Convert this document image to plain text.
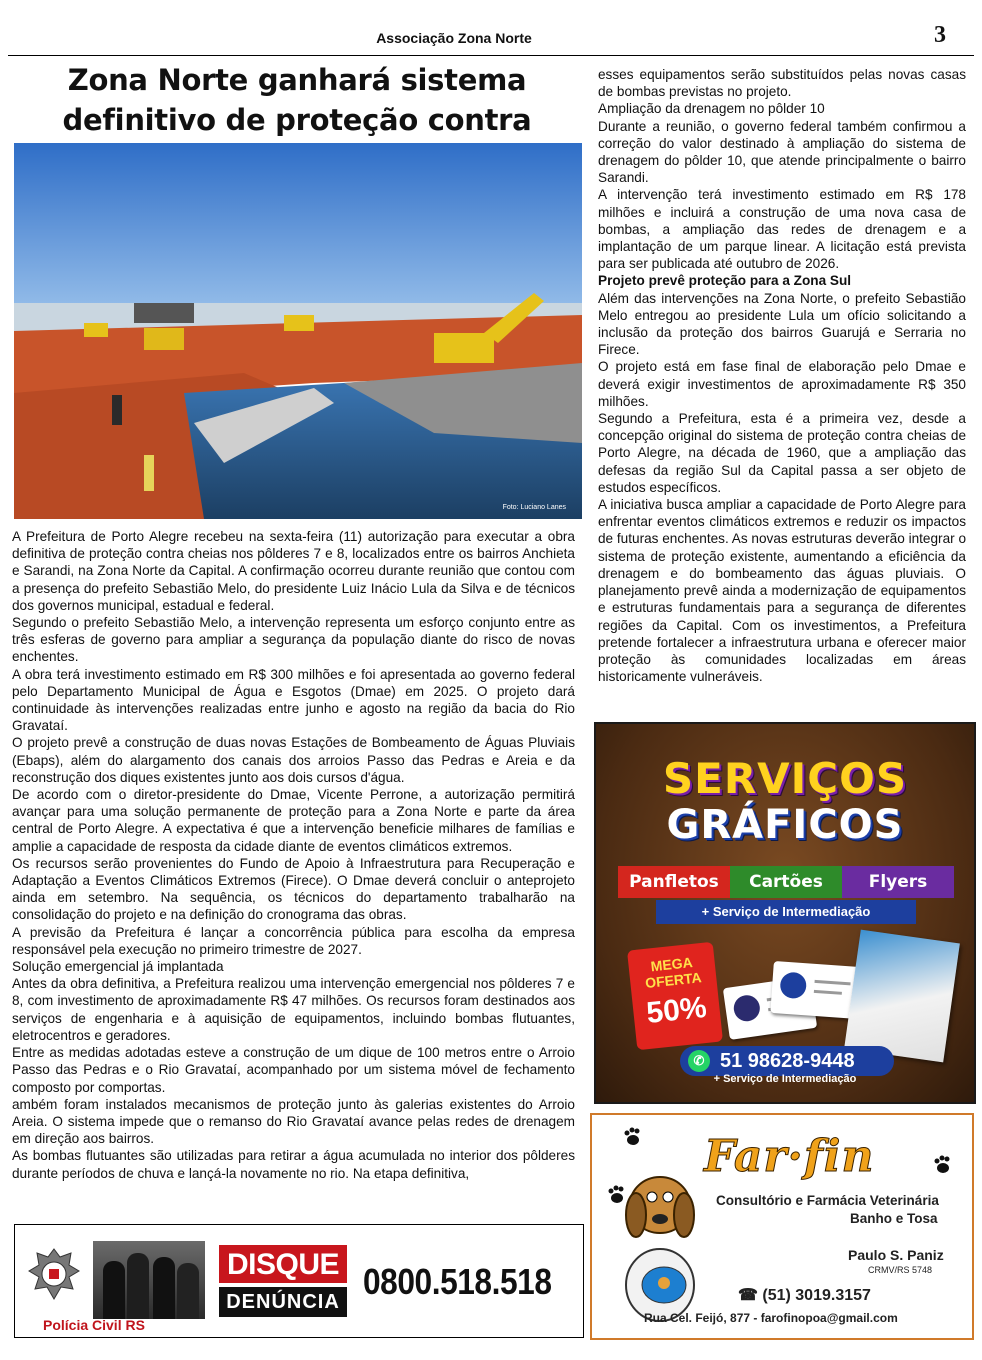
Associação Zona Norte	3
Zona Norte ganhará sistema
definitivo de proteção contra
Foto: Luciano Lanes

A Prefeitura de Porto Alegre recebeu na sexta-feira (11) autorização para executar a obra definitiva de proteção contra cheias nos pôlderes 7 e 8, localizados entre os bairros Anchieta e Sarandi, na Zona Norte da Capital. A confirmação ocorreu durante reunião que contou com a presença do prefeito Sebastião Melo, do presidente Luiz Inácio Lula da Silva e de técnicos dos governos municipal, estadual e federal.

Segundo o prefeito Sebastião Melo, a intervenção representa um esforço conjunto entre as três esferas de governo para ampliar a segurança da população diante do risco de novas enchentes.

A obra terá investimento estimado em R$ 300 milhões e foi apresentada ao governo federal pelo Departamento Municipal de Água e Esgotos (Dmae) em 2025. O projeto dará continuidade às intervenções realizadas entre junho e agosto na região da bacia do Rio Gravataí.

O projeto prevê a construção de duas novas Estações de Bombeamento de Águas Pluviais (Ebaps), além do alargamento dos canais dos arroios Passo das Pedras e Areia e da reconstrução dos diques existentes junto aos dois cursos d'água.

De acordo com o diretor-presidente do Dmae, Vicente Perrone, a autorização permitirá avançar para uma solução permanente de proteção para a Zona Norte e parte da área central de Porto Alegre. A expectativa é que a intervenção beneficie milhares de famílias e amplie a capacidade de resposta da cidade diante de eventos climáticos extremos.

Os recursos serão provenientes do Fundo de Apoio à Infraestrutura para Recuperação e Adaptação a Eventos Climáticos Extremos (Firece). O Dmae deverá concluir o anteprojeto ainda em setembro. Na sequência, os técnicos do departamento trabalharão na consolidação do projeto e na definição do cronograma das obras.

A previsão da Prefeitura é lançar a concorrência pública para escolha da empresa responsável pela execução no primeiro trimestre de 2027.

Solução emergencial já implantada

Antes da obra definitiva, a Prefeitura realizou uma intervenção emergencial nos pôlderes 7 e 8, com investimento de aproximadamente R$ 47 milhões. Os recursos foram destinados aos serviços de engenharia e à aquisição de equipamentos, incluindo bombas flutuantes, eletrocentros e geradores.

Entre as medidas adotadas esteve a construção de um dique de 100 metros entre o Arroio Passo das Pedras e o Rio Gravataí, acompanhado por um sistema móvel de fechamento composto por comportas.

ambém foram instalados mecanismos de proteção junto às galerias existentes do Arroio Areia. O sistema impede que o remanso do Rio Gravataí avance pelas redes de drenagem em direção aos bairros.

As bombas flutuantes são utilizadas para retirar a água acumulada no interior dos pôlderes durante períodos de chuva e lançá-la novamente no rio. Na etapa definitiva,

esses equipamentos serão substituídos pelas novas casas de bombas previstas no projeto.

Ampliação da drenagem no pôlder 10

Durante a reunião, o governo federal também confirmou a correção do valor destinado à ampliação do sistema de drenagem do pôlder 10, que atende principalmente o bairro Sarandi.

A intervenção terá investimento estimado em R$ 178 milhões e incluirá a construção de uma nova casa de bombas, a ampliação das redes de drenagem e a implantação de um parque linear. A licitação está prevista para ser publicada até outubro de 2026.

Projeto prevê proteção para a Zona Sul

Além das intervenções na Zona Norte, o prefeito Sebastião Melo entregou ao presidente Lula um ofício solicitando a inclusão da proteção dos bairros Guarujá e Serraria no Firece.

O projeto está em fase final de elaboração pelo Dmae e deverá exigir investimentos de aproximadamente R$ 350 milhões.

Segundo a Prefeitura, esta é a primeira vez, desde a concepção original do sistema de proteção contra cheias de Porto Alegre, na década de 1960, que a ampliação das defesas da região Sul da Capital passa a ser objeto de estudos específicos.

A iniciativa busca ampliar a capacidade de Porto Alegre para enfrentar eventos climáticos extremos e reduzir os impactos de futuras enchentes. As novas estruturas deverão integrar o sistema de proteção existente, aumentando a eficiência da drenagem e do bombeamento das águas pluviais. O planejamento prevê ainda a modernização de equipamentos e estruturas fundamentais para a segurança de diferentes regiões da Capital. Com os investimentos, a Prefeitura pretende fortalecer a infraestrutura urbana e oferecer maior proteção às comunidades localizadas em áreas historicamente vulneráveis.

Polícia Civil RS
DISQUE
DENÚNCIA 0800.518.518
SERVIÇOS
GRÁFICOS
Panfletos	Cartões	Flyers
+ Serviço de Intermediação
MEGA
OFERTA
50%
✆ 51 98628-9448
+ Serviço de Intermediação
Far·fin
Consultório e Farmácia Veterinária
Banho e Tosa
Paulo S. Paniz
CRMV/RS 5748
☎ (51) 3019.3157
Rua Cel. Feijó, 877 - farofinopoa@gmail.com
